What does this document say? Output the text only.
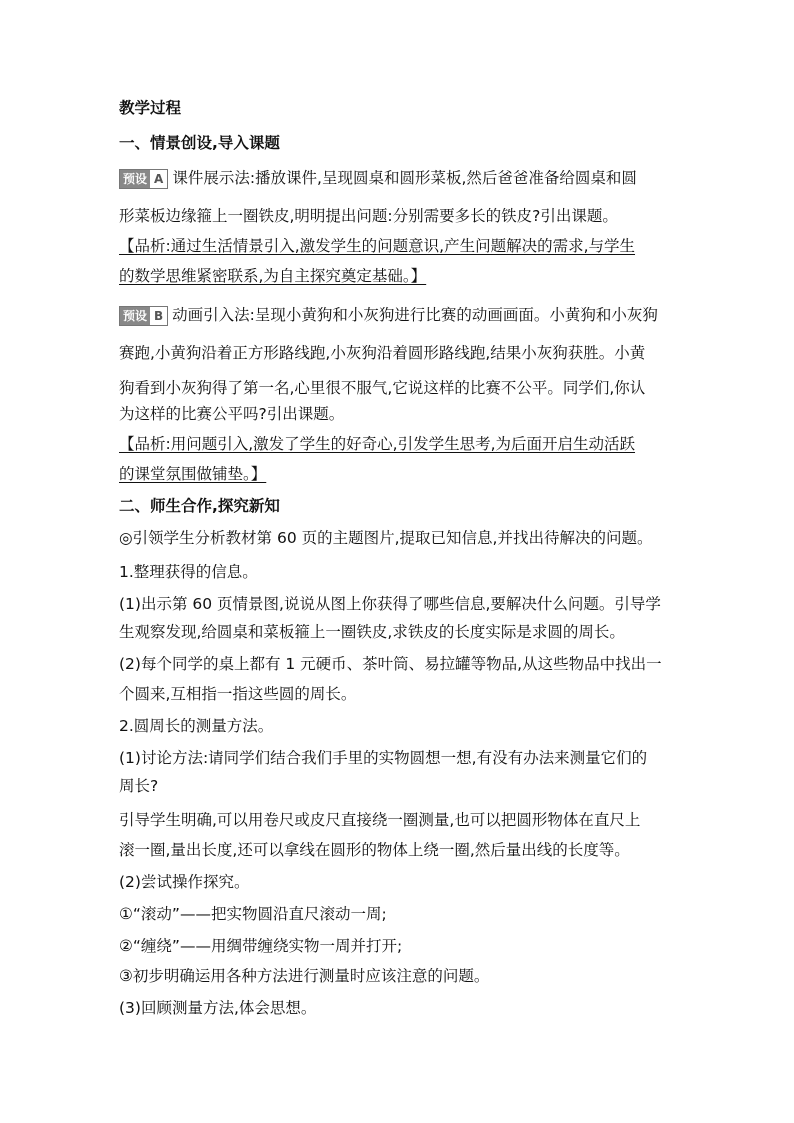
教学过程
一、情景创设,导入课题
预设 A 课件展示法:播放课件,呈现圆桌和圆形菜板,然后爸爸准备给圆桌和圆
形菜板边缘箍上一圈铁皮,明明提出问题:分别需要多长的铁皮?引出课题。
【品析:通过生活情景引入,激发学生的问题意识,产生问题解决的需求,与学生
的数学思维紧密联系,为自主探究奠定基础。】
预设 B 动画引入法:呈现小黄狗和小灰狗进行比赛的动画画面。小黄狗和小灰狗
赛跑,小黄狗沿着正方形路线跑,小灰狗沿着圆形路线跑,结果小灰狗获胜。小黄
狗看到小灰狗得了第一名,心里很不服气,它说这样的比赛不公平。同学们,你认
为这样的比赛公平吗?引出课题。
【品析:用问题引入,激发了学生的好奇心,引发学生思考,为后面开启生动活跃
的课堂氛围做铺垫。】
二、师生合作,探究新知
◎引领学生分析教材第 60 页的主题图片,提取已知信息,并找出待解决的问题。
1.整理获得的信息。
(1)出示第 60 页情景图,说说从图上你获得了哪些信息,要解决什么问题。引导学
生观察发现,给圆桌和菜板箍上一圈铁皮,求铁皮的长度实际是求圆的周长。
(2)每个同学的桌上都有 1 元硬币、茶叶筒、易拉罐等物品,从这些物品中找出一
个圆来,互相指一指这些圆的周长。
2.圆周长的测量方法。
(1)讨论方法:请同学们结合我们手里的实物圆想一想,有没有办法来测量它们的
周长?
引导学生明确,可以用卷尺或皮尺直接绕一圈测量,也可以把圆形物体在直尺上
滚一圈,量出长度,还可以拿线在圆形的物体上绕一圈,然后量出线的长度等。
(2)尝试操作探究。
①“滚动”——把实物圆沿直尺滚动一周;
②“缠绕”——用绸带缠绕实物一周并打开;
③初步明确运用各种方法进行测量时应该注意的问题。
(3)回顾测量方法,体会思想。
